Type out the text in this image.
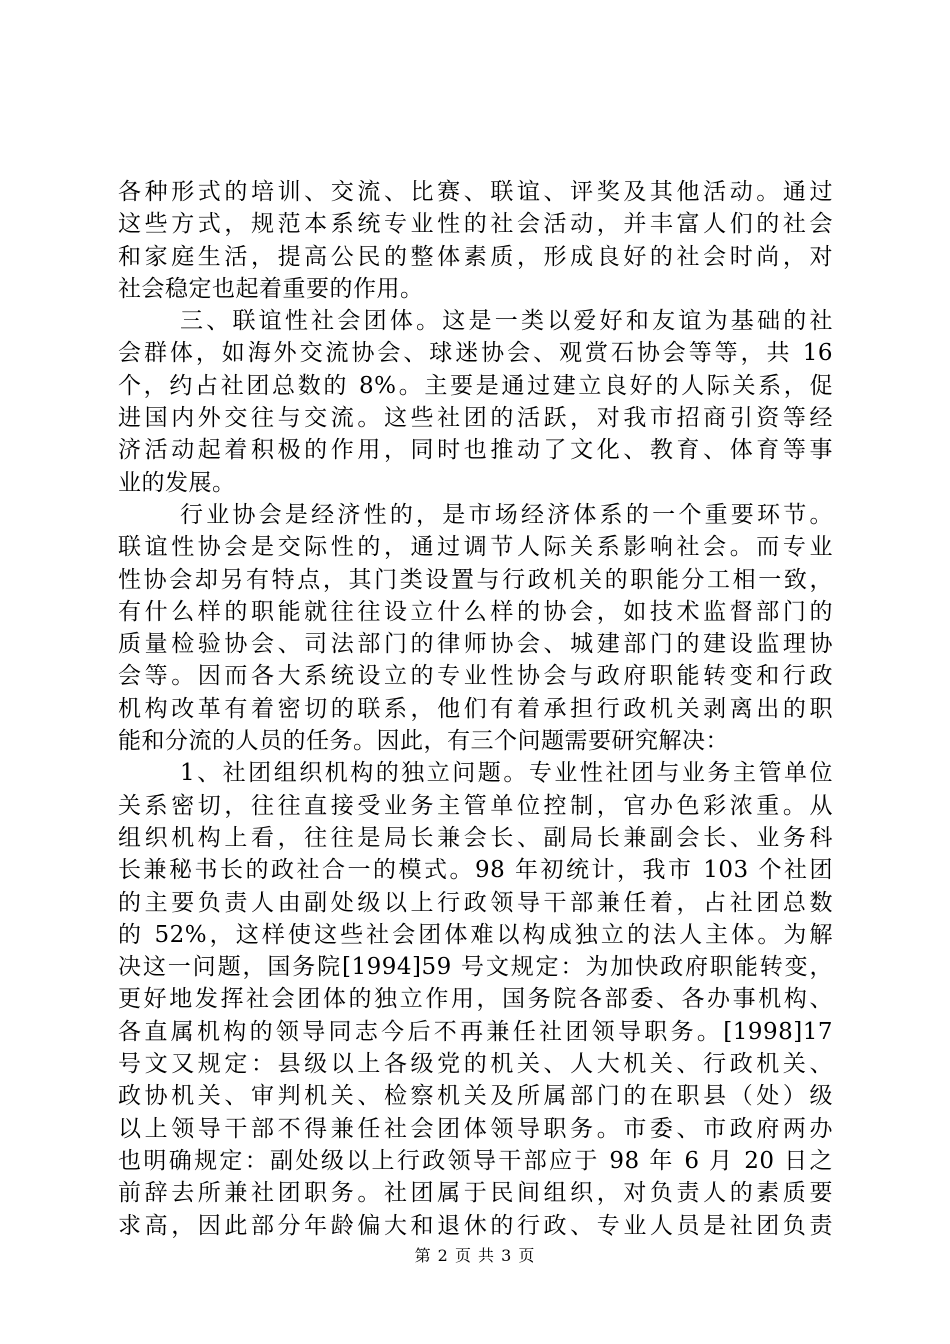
各种形式的培训、交流、比赛、联谊、评奖及其他活动。通过
这些方式，规范本系统专业性的社会活动，并丰富人们的社会
和家庭生活，提高公民的整体素质，形成良好的社会时尚，对
社会稳定也起着重要的作用。
三、联谊性社会团体。这是一类以爱好和友谊为基础的社
会群体，如海外交流协会、球迷协会、观赏石协会等等，共 16
个，约占社团总数的 8%。主要是通过建立良好的人际关系，促
进国内外交往与交流。这些社团的活跃，对我市招商引资等经
济活动起着积极的作用，同时也推动了文化、教育、体育等事
业的发展。
行业协会是经济性的，是市场经济体系的一个重要环节。
联谊性协会是交际性的，通过调节人际关系影响社会。而专业
性协会却另有特点，其门类设置与行政机关的职能分工相一致，
有什么样的职能就往往设立什么样的协会，如技术监督部门的
质量检验协会、司法部门的律师协会、城建部门的建设监理协
会等。因而各大系统设立的专业性协会与政府职能转变和行政
机构改革有着密切的联系，他们有着承担行政机关剥离出的职
能和分流的人员的任务。因此，有三个问题需要研究解决：
1、社团组织机构的独立问题。专业性社团与业务主管单位
关系密切，往往直接受业务主管单位控制，官办色彩浓重。从
组织机构上看，往往是局长兼会长、副局长兼副会长、业务科
长兼秘书长的政社合一的模式。98 年初统计，我市 103 个社团
的主要负责人由副处级以上行政领导干部兼任着，占社团总数
的 52%，这样使这些社会团体难以构成独立的法人主体。为解
决这一问题，国务院[1994]59 号文规定：为加快政府职能转变，
更好地发挥社会团体的独立作用，国务院各部委、各办事机构、
各直属机构的领导同志今后不再兼任社团领导职务。[1998]17
号文又规定：县级以上各级党的机关、人大机关、行政机关、
政协机关、审判机关、检察机关及所属部门的在职县（处）级
以上领导干部不得兼任社会团体领导职务。市委、市政府两办
也明确规定：副处级以上行政领导干部应于 98 年 6 月 20 日之
前辞去所兼社团职务。社团属于民间组织，对负责人的素质要
求高，因此部分年龄偏大和退休的行政、专业人员是社团负责
第 2 页 共 3 页
